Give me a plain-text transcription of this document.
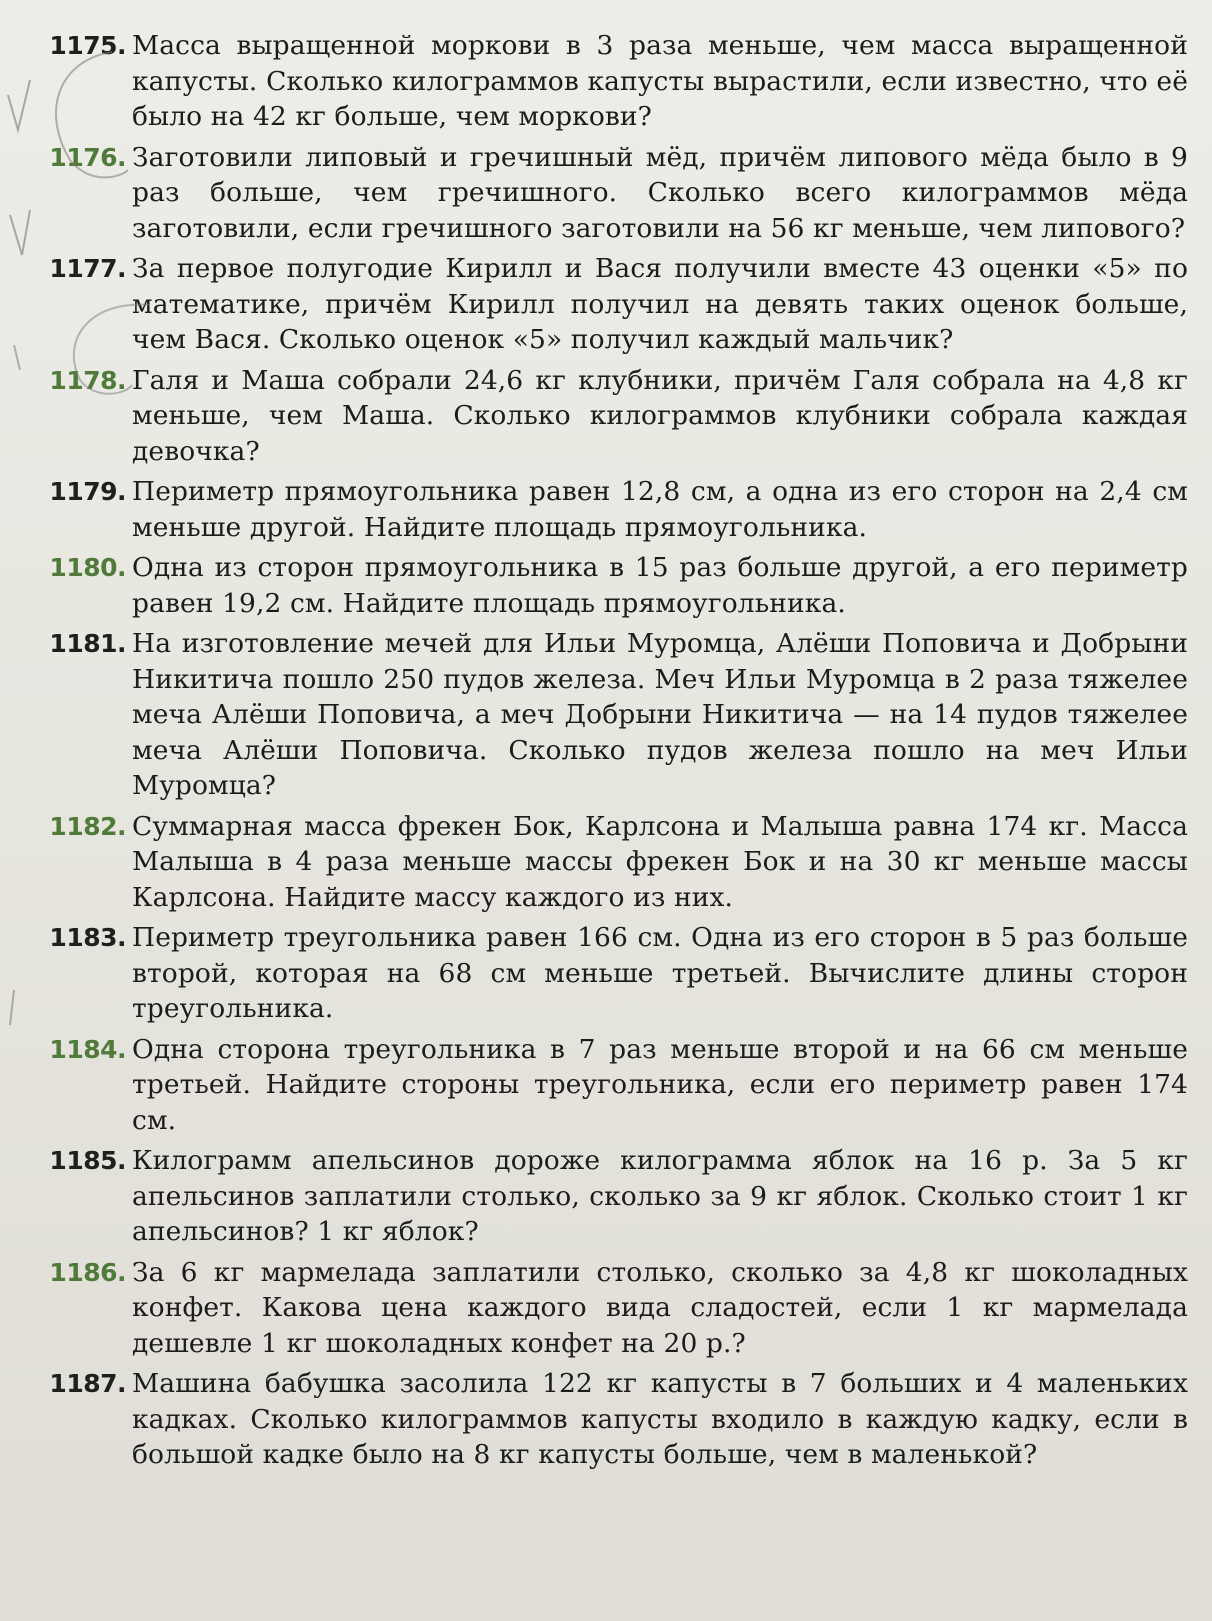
1175. Масса выращенной моркови в 3 раза меньше, чем масса выращенной капусты. Сколько килограммов капусты вырастили, если известно, что её было на 42 кг больше, чем моркови?
1176. Заготовили липовый и гречишный мёд, причём липового мёда было в 9 раз больше, чем гречишного. Сколько всего килограммов мёда заготовили, если гречишного заготовили на 56 кг меньше, чем липового?
1177. За первое полугодие Кирилл и Вася получили вместе 43 оценки «5» по математике, причём Кирилл получил на девять таких оценок больше, чем Вася. Сколько оценок «5» получил каждый мальчик?
1178. Галя и Маша собрали 24,6 кг клубники, причём Галя собрала на 4,8 кг меньше, чем Маша. Сколько килограммов клубники собрала каждая девочка?
1179. Периметр прямоугольника равен 12,8 см, а одна из его сторон на 2,4 см меньше другой. Найдите площадь прямоугольника.
1180. Одна из сторон прямоугольника в 15 раз больше другой, а его периметр равен 19,2 см. Найдите площадь прямоугольника.
1181. На изготовление мечей для Ильи Муромца, Алёши Поповича и Добрыни Никитича пошло 250 пудов железа. Меч Ильи Муромца в 2 раза тяжелее меча Алёши Поповича, а меч Добрыни Никитича — на 14 пудов тяжелее меча Алёши Поповича. Сколько пудов железа пошло на меч Ильи Муромца?
1182. Суммарная масса фрекен Бок, Карлсона и Малыша равна 174 кг. Масса Малыша в 4 раза меньше массы фрекен Бок и на 30 кг меньше массы Карлсона. Найдите массу каждого из них.
1183. Периметр треугольника равен 166 см. Одна из его сторон в 5 раз больше второй, которая на 68 см меньше третьей. Вычислите длины сторон треугольника.
1184. Одна сторона треугольника в 7 раз меньше второй и на 66 см меньше третьей. Найдите стороны треугольника, если его периметр равен 174 см.
1185. Килограмм апельсинов дороже килограмма яблок на 16 р. За 5 кг апельсинов заплатили столько, сколько за 9 кг яблок. Сколько стоит 1 кг апельсинов? 1 кг яблок?
1186. За 6 кг мармелада заплатили столько, сколько за 4,8 кг шоколадных конфет. Какова цена каждого вида сладостей, если 1 кг мармелада дешевле 1 кг шоколадных конфет на 20 р.?
1187. Машина бабушка засолила 122 кг капусты в 7 больших и 4 маленьких кадках. Сколько килограммов капусты входило в каждую кадку, если в большой кадке было на 8 кг капусты больше, чем в маленькой?
